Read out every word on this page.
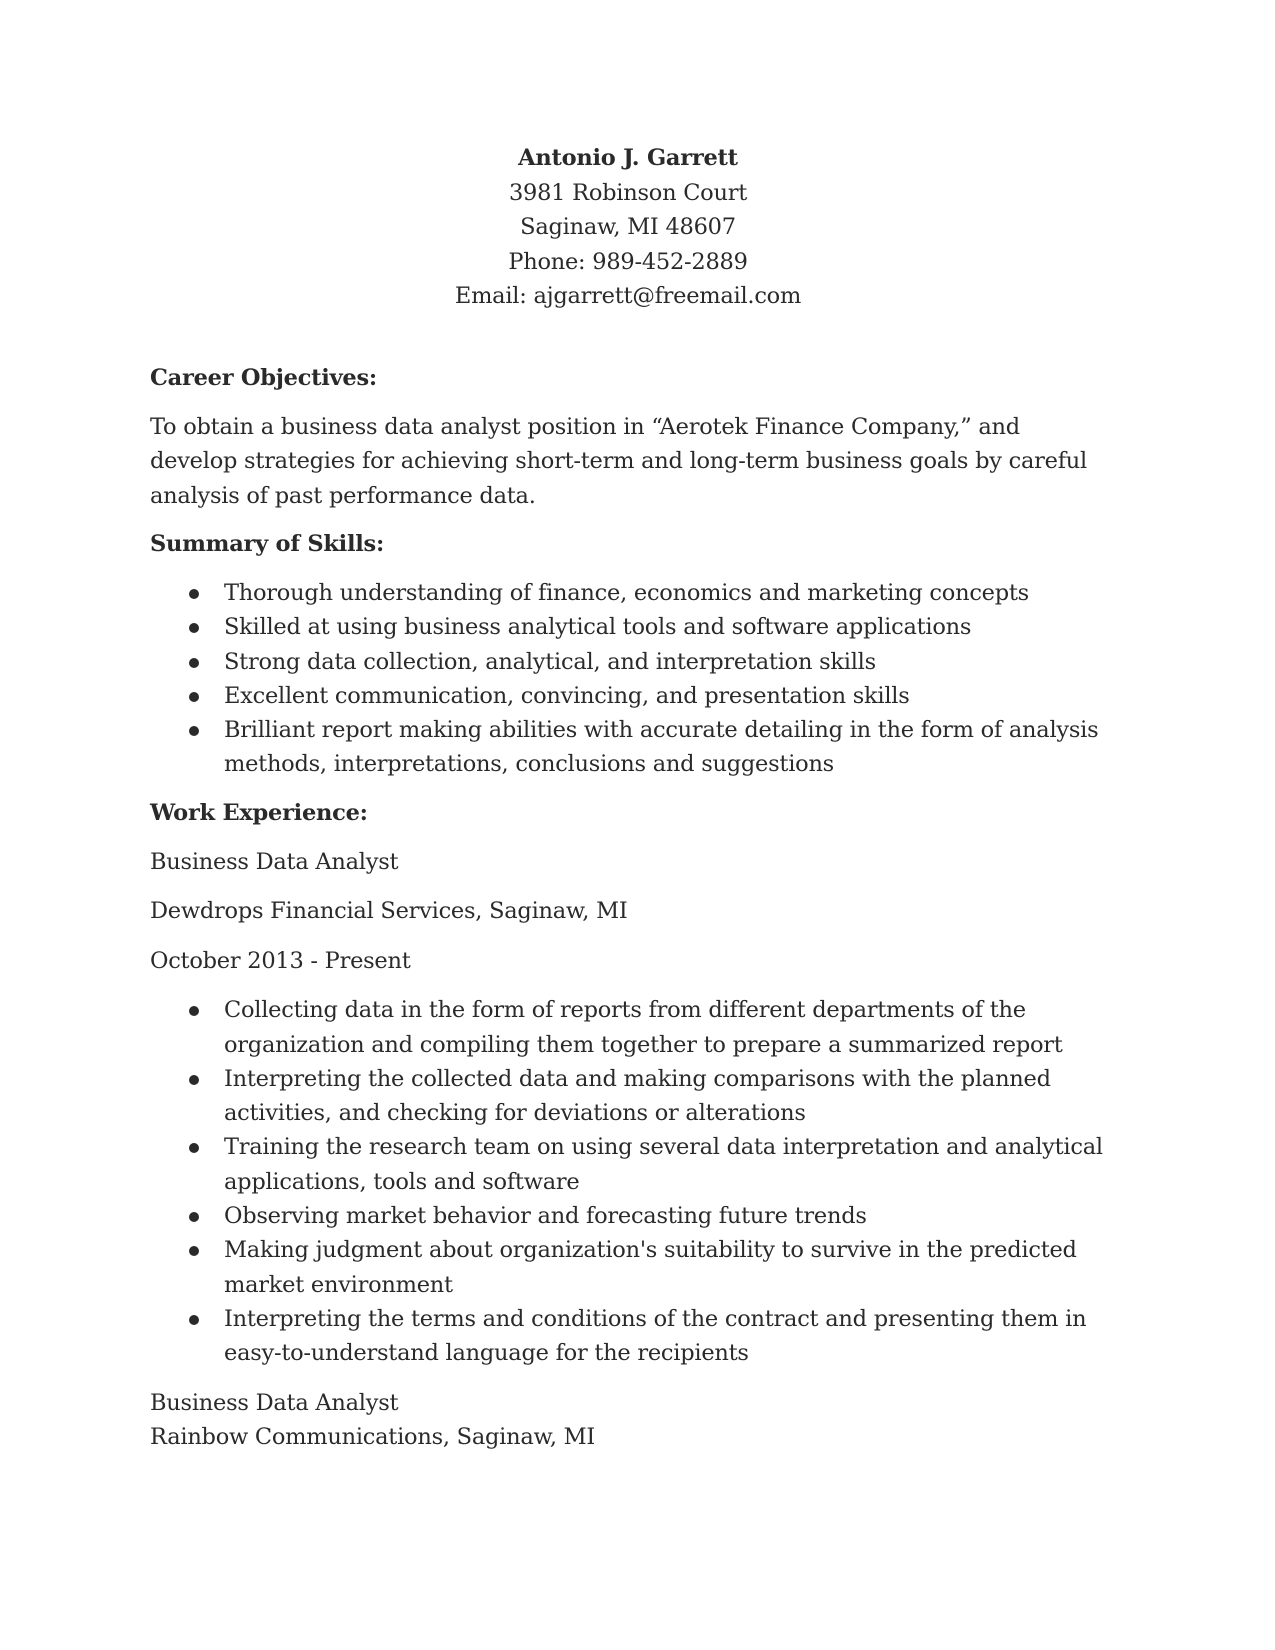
Antonio J. Garrett
3981 Robinson Court
Saginaw, MI 48607
Phone: 989-452-2889
Email: ajgarrett@freemail.com
Career Objectives:

To obtain a business data analyst position in “Aerotek Finance Company,” and develop strategies for achieving short-term and long-term business goals by careful analysis of past performance data.

Summary of Skills:
Thorough understanding of finance, economics and marketing concepts
Skilled at using business analytical tools and software applications
Strong data collection, analytical, and interpretation skills
Excellent communication, convincing, and presentation skills
Brilliant report making abilities with accurate detailing in the form of analysis methods, interpretations, conclusions and suggestions
Work Experience:
Business Data Analyst
Dewdrops Financial Services, Saginaw, MI
October 2013 - Present
Collecting data in the form of reports from different departments of the organization and compiling them together to prepare a summarized report
Interpreting the collected data and making comparisons with the planned activities, and checking for deviations or alterations
Training the research team on using several data interpretation and analytical applications, tools and software
Observing market behavior and forecasting future trends
Making judgment about organization's suitability to survive in the predicted market environment
Interpreting the terms and conditions of the contract and presenting them in easy-to-understand language for the recipients
Business Data Analyst
Rainbow Communications, Saginaw, MI
